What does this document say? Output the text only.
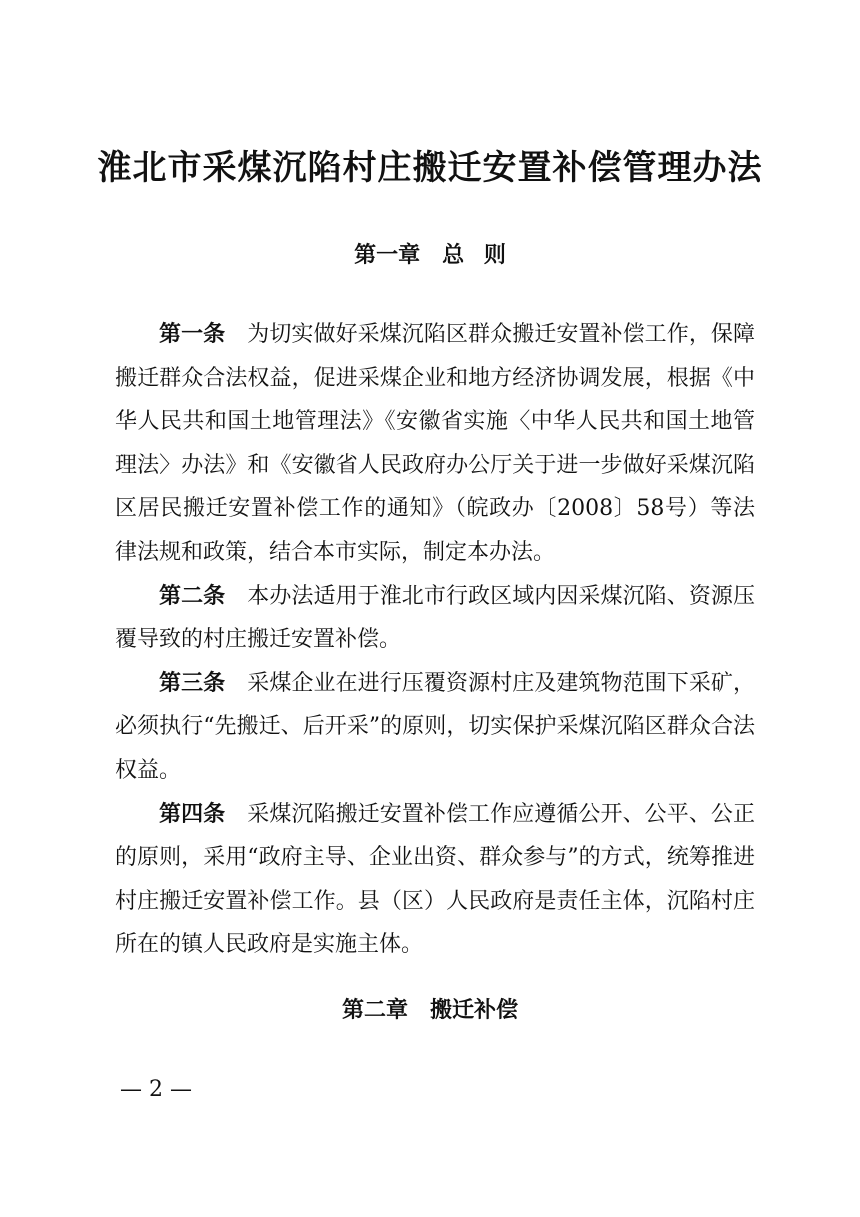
淮北市采煤沉陷村庄搬迁安置补偿管理办法
第一章　总 则

第一条 为切实做好采煤沉陷区群众搬迁安置补偿工作，保障搬迁群众合法权益，促进采煤企业和地方经济协调发展，根据《中华人民共和国土地管理法》《安徽省实施〈中华人民共和国土地管理法〉办法》和《安徽省人民政府办公厅关于进一步做好采煤沉陷区居民搬迁安置补偿工作的通知》（皖政办〔2008〕58号）等法律法规和政策，结合本市实际，制定本办法。

第二条 本办法适用于淮北市行政区域内因采煤沉陷、资源压覆导致的村庄搬迁安置补偿。

第三条 采煤企业在进行压覆资源村庄及建筑物范围下采矿，必须执行“先搬迁、后开采”的原则，切实保护采煤沉陷区群众合法权益。

第四条 采煤沉陷搬迁安置补偿工作应遵循公开、公平、公正的原则，采用“政府主导、企业出资、群众参与”的方式，统筹推进村庄搬迁安置补偿工作。县（区）人民政府是责任主体，沉陷村庄所在的镇人民政府是实施主体。

第二章　搬迁补偿
— 2 —
